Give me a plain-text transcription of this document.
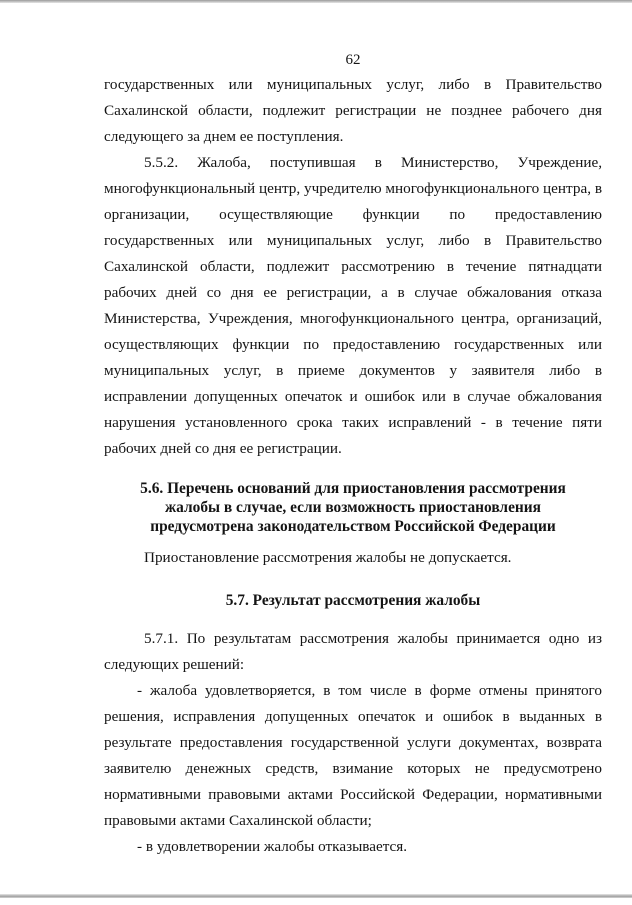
62

государственных или муниципальных услуг, либо в Правительство Сахалинской области, подлежит регистрации не позднее рабочего дня следующего за днем ее поступления.

5.5.2. Жалоба, поступившая в Министерство, Учреждение, многофункциональный центр, учредителю многофункционального центра, в организации, осуществляющие функции по предоставлению государственных или муниципальных услуг, либо в Правительство Сахалинской области, подлежит рассмотрению в течение пятнадцати рабочих дней со дня ее регистрации, а в случае обжалования отказа Министерства, Учреждения, многофункционального центра, организаций, осуществляющих функции по предоставлению государственных или муниципальных услуг, в приеме документов у заявителя либо в исправлении допущенных опечаток и ошибок или в случае обжалования нарушения установленного срока таких исправлений - в течение пяти рабочих дней со дня ее регистрации.

5.6. Перечень оснований для приостановления рассмотрения
жалобы в случае, если возможность приостановления
предусмотрена законодательством Российской Федерации

Приостановление рассмотрения жалобы не допускается.

5.7. Результат рассмотрения жалобы

5.7.1. По результатам рассмотрения жалобы принимается одно из следующих решений:

- жалоба удовлетворяется, в том числе в форме отмены принятого решения, исправления допущенных опечаток и ошибок в выданных в результате предоставления государственной услуги документах, возврата заявителю денежных средств, взимание которых не предусмотрено нормативными правовыми актами Российской Федерации, нормативными правовыми актами Сахалинской области;

- в удовлетворении жалобы отказывается.
